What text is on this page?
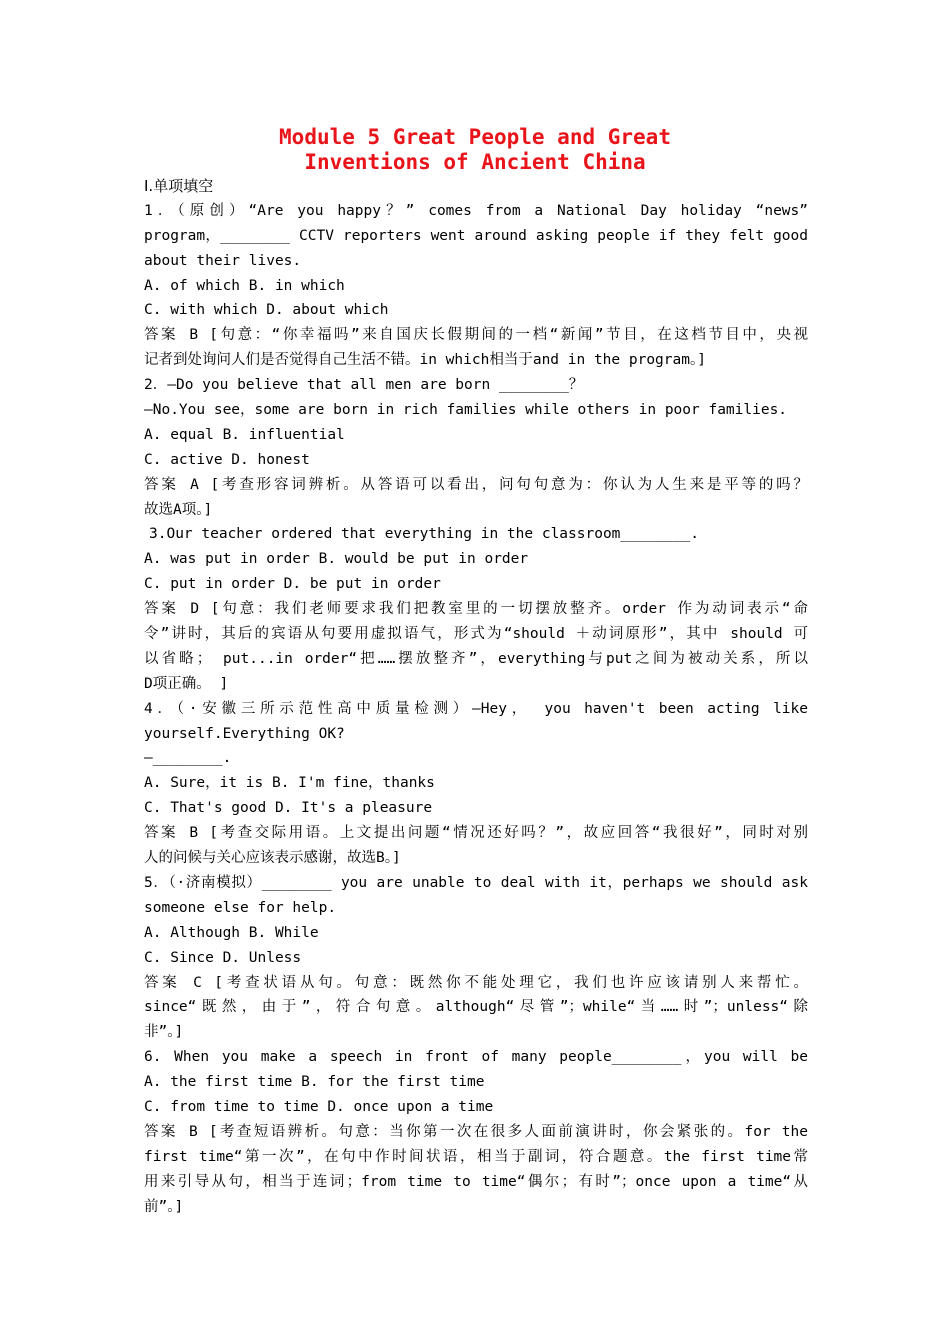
Module 5 Great People and Great
Inventions of Ancient China
Ⅰ.单项填空
1．（原创）“Are you happy？” comes from a National Day holiday “news”
program，________ CCTV reporters went around asking people if they felt good
about their lives.
A. of which B. in which
C. with which D. about which
答案 B [句意：“你幸福吗”来自国庆长假期间的一档“新闻”节目，在这档节目中，央视
记者到处询问人们是否觉得自己生活不错。in which相当于and in the program。]
2．—Do you believe that all men are born ________？
—No.You see，some are born in rich families while others in poor families.
A. equal B. influential
C. active D. honest
答案 A [考查形容词辨析。从答语可以看出，问句句意为：你认为人生来是平等的吗？
故选A项。]
3.Our teacher ordered that everything in the classroom________.
A. was put in order B. would be put in order
C. put in order D. be put in order
答案 D [句意：我们老师要求我们把教室里的一切摆放整齐。order 作为动词表示“命
令”讲时，其后的宾语从句要用虚拟语气，形式为“should ＋动词原形”，其中 should 可
以省略； put...in order“把……摆放整齐”，everything与put之间为被动关系，所以
D项正确。 ]
4．（·安徽三所示范性高中质量检测）—Hey， you haven't been acting like
yourself.Everything OK?
—________.
A. Sure，it is B. I'm fine，thanks
C. That's good D. It's a pleasure
答案 B [考查交际用语。上文提出问题“情况还好吗？”，故应回答“我很好”，同时对别
人的问候与关心应该表示感谢，故选B。]
5．（·济南模拟）________ you are unable to deal with it，perhaps we should ask
someone else for help.
A. Although B. While
C. Since D. Unless
答案 C [考查状语从句。句意：既然你不能处理它，我们也许应该请别人来帮忙。
since“既然，由于”，符合句意。although“尽管”；while“当……时”；unless“除
非”。]
6. When you make a speech in front of many people________，you will be
A. the first time B. for the first time
C. from time to time D. once upon a time
答案 B [考查短语辨析。句意：当你第一次在很多人面前演讲时，你会紧张的。for the
first time“第一次”，在句中作时间状语，相当于副词，符合题意。the first time常
用来引导从句，相当于连词；from time to time“偶尔；有时”；once upon a time“从
前”。]
